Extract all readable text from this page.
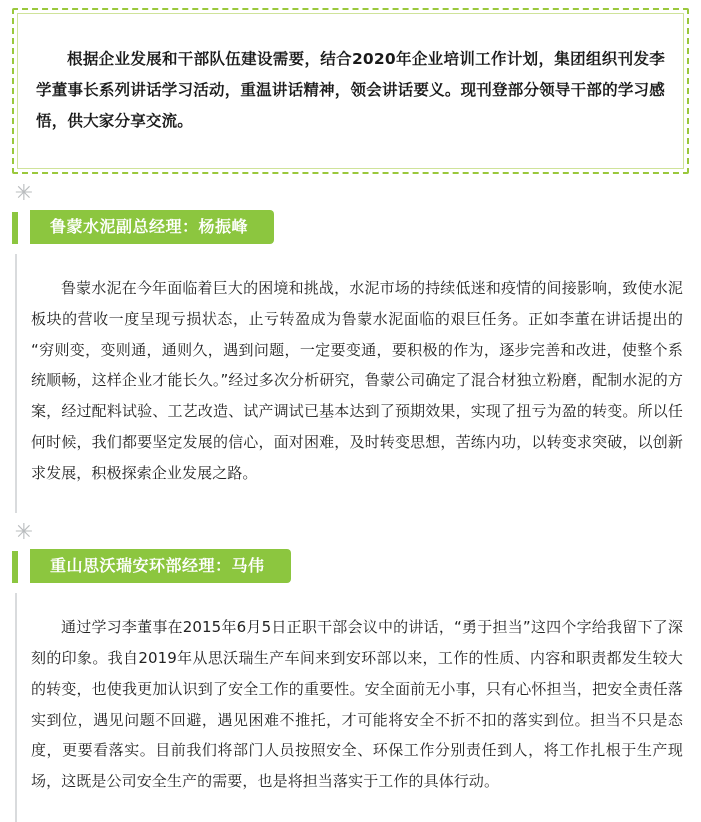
根据企业发展和干部队伍建设需要，结合2020年企业培训工作计划，集团组织刊发李学董事长系列讲话学习活动，重温讲话精神，领会讲话要义。现刊登部分领导干部的学习感悟，供大家分享交流。

✳
鲁蒙水泥副总经理：杨振峰

鲁蒙水泥在今年面临着巨大的困境和挑战，水泥市场的持续低迷和疫情的间接影响，致使水泥板块的营收一度呈现亏损状态，止亏转盈成为鲁蒙水泥面临的艰巨任务。正如李董在讲话提出的“穷则变，变则通，通则久，遇到问题，一定要变通，要积极的作为，逐步完善和改进，使整个系统顺畅，这样企业才能长久。”经过多次分析研究，鲁蒙公司确定了混合材独立粉磨，配制水泥的方案，经过配料试验、工艺改造、试产调试已基本达到了预期效果，实现了扭亏为盈的转变。所以任何时候，我们都要坚定发展的信心，面对困难，及时转变思想，苦练内功，以转变求突破，以创新求发展，积极探索企业发展之路。

✳
重山思沃瑞安环部经理：马伟

通过学习李董事在2015年6月5日正职干部会议中的讲话，“勇于担当”这四个字给我留下了深刻的印象。我自2019年从思沃瑞生产车间来到安环部以来，工作的性质、内容和职责都发生较大的转变，也使我更加认识到了安全工作的重要性。安全面前无小事，只有心怀担当，把安全责任落实到位，遇见问题不回避，遇见困难不推托，才可能将安全不折不扣的落实到位。担当不只是态度，更要看落实。目前我们将部门人员按照安全、环保工作分别责任到人，将工作扎根于生产现场，这既是公司安全生产的需要，也是将担当落实于工作的具体行动。
